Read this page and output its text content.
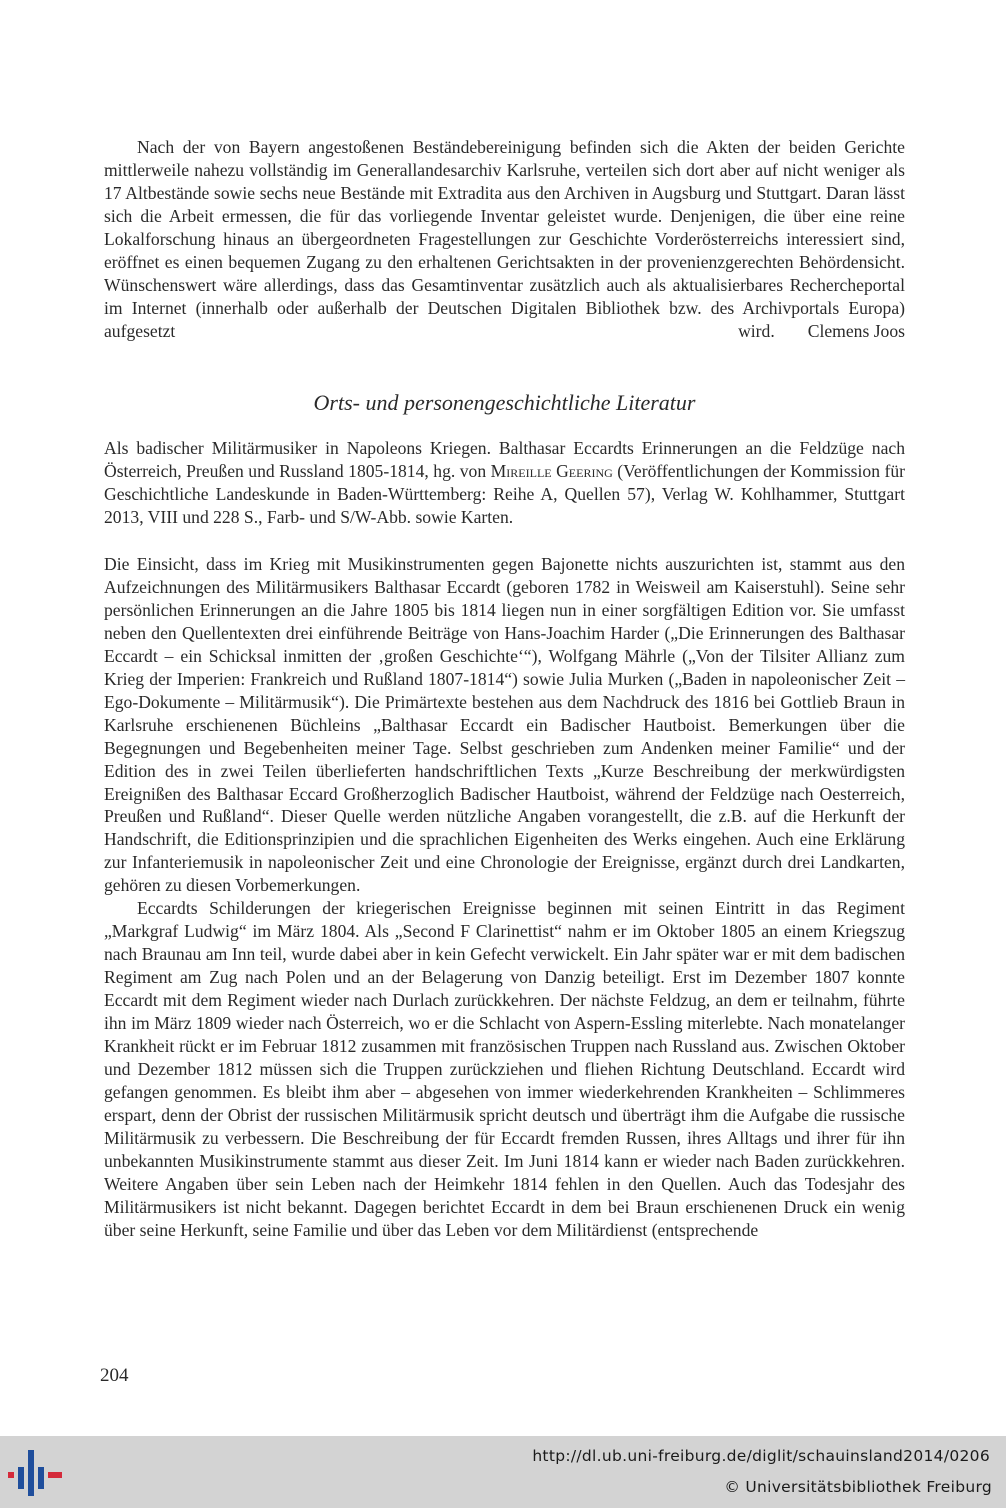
Nach der von Bayern angestoßenen Beständebereinigung befinden sich die Akten der beiden Gerichte mittlerweile nahezu vollständig im Generallandesarchiv Karlsruhe, verteilen sich dort aber auf nicht weniger als 17 Altbestände sowie sechs neue Bestände mit Extradita aus den Archiven in Augsburg und Stuttgart. Daran lässt sich die Arbeit ermessen, die für das vorliegende Inventar geleistet wurde. Denjenigen, die über eine reine Lokalforschung hinaus an übergeordneten Fragestellungen zur Geschichte Vorderösterreichs interessiert sind, eröffnet es einen bequemen Zugang zu den erhaltenen Gerichtsakten in der provenienzgerechten Behördensicht. Wünschenswert wäre allerdings, dass das Gesamtinventar zusätzlich auch als aktualisierbares Rechercheportal im Internet (innerhalb oder außerhalb der Deutschen Digitalen Bibliothek bzw. des Archivportals Europa) aufgesetzt wird.	Clemens Joos

Orts- und personengeschichtliche Literatur

Als badischer Militärmusiker in Napoleons Kriegen. Balthasar Eccardts Erinnerungen an die Feldzüge nach Österreich, Preußen und Russland 1805-1814, hg. von Mireille Geering (Veröffentlichungen der Kommission für Geschichtliche Landeskunde in Baden-Württemberg: Reihe A, Quellen 57), Verlag W. Kohlhammer, Stuttgart 2013, VIII und 228 S., Farb- und S/W-Abb. sowie Karten.

Die Einsicht, dass im Krieg mit Musikinstrumenten gegen Bajonette nichts auszurichten ist, stammt aus den Aufzeichnungen des Militärmusikers Balthasar Eccardt (geboren 1782 in Weisweil am Kaiserstuhl). Seine sehr persönlichen Erinnerungen an die Jahre 1805 bis 1814 liegen nun in einer sorgfältigen Edition vor. Sie umfasst neben den Quellentexten drei einführende Beiträge von Hans-Joachim Harder („Die Erinnerungen des Balthasar Eccardt – ein Schicksal inmitten der ‚großen Geschichte‘“), Wolfgang Mährle („Von der Tilsiter Allianz zum Krieg der Imperien: Frankreich und Rußland 1807-1814“) sowie Julia Murken („Baden in napoleonischer Zeit – Ego-Dokumente – Militärmusik“). Die Primärtexte bestehen aus dem Nachdruck des 1816 bei Gottlieb Braun in Karlsruhe erschienenen Büchleins „Balthasar Eccardt ein Badischer Hautboist. Bemerkungen über die Begegnungen und Begebenheiten meiner Tage. Selbst geschrieben zum Andenken meiner Familie“ und der Edition des in zwei Teilen überlieferten handschriftlichen Texts „Kurze Beschreibung der merkwürdigsten Ereignißen des Balthasar Eccard Großherzoglich Badischer Hautboist, während der Feldzüge nach Oesterreich, Preußen und Rußland“. Dieser Quelle werden nützliche Angaben vorangestellt, die z.B. auf die Herkunft der Handschrift, die Editionsprinzipien und die sprachlichen Eigenheiten des Werks eingehen. Auch eine Erklärung zur Infanteriemusik in napoleonischer Zeit und eine Chronologie der Ereignisse, ergänzt durch drei Landkarten, gehören zu diesen Vorbemerkungen.

Eccardts Schilderungen der kriegerischen Ereignisse beginnen mit seinen Eintritt in das Regiment „Markgraf Ludwig“ im März 1804. Als „Second F Clarinettist“ nahm er im Oktober 1805 an einem Kriegszug nach Braunau am Inn teil, wurde dabei aber in kein Gefecht verwickelt. Ein Jahr später war er mit dem badischen Regiment am Zug nach Polen und an der Belagerung von Danzig beteiligt. Erst im Dezember 1807 konnte Eccardt mit dem Regiment wieder nach Durlach zurückkehren. Der nächste Feldzug, an dem er teilnahm, führte ihn im März 1809 wieder nach Österreich, wo er die Schlacht von Aspern-Essling miterlebte. Nach monatelanger Krankheit rückt er im Februar 1812 zusammen mit französischen Truppen nach Russland aus. Zwischen Oktober und Dezember 1812 müssen sich die Truppen zurückziehen und fliehen Richtung Deutschland. Eccardt wird gefangen genommen. Es bleibt ihm aber – abgesehen von immer wiederkehrenden Krankheiten – Schlimmeres erspart, denn der Obrist der russischen Militärmusik spricht deutsch und überträgt ihm die Aufgabe die russische Militärmusik zu verbessern. Die Beschreibung der für Eccardt fremden Russen, ihres Alltags und ihrer für ihn unbekannten Musikinstrumente stammt aus dieser Zeit. Im Juni 1814 kann er wieder nach Baden zurückkehren. Weitere Angaben über sein Leben nach der Heimkehr 1814 fehlen in den Quellen. Auch das Todesjahr des Militärmusikers ist nicht bekannt. Dagegen berichtet Eccardt in dem bei Braun erschienenen Druck ein wenig über seine Herkunft, seine Familie und über das Leben vor dem Militärdienst (entsprechende

204
http://dl.ub.uni-freiburg.de/diglit/schauinsland2014/0206
© Universitätsbibliothek Freiburg
